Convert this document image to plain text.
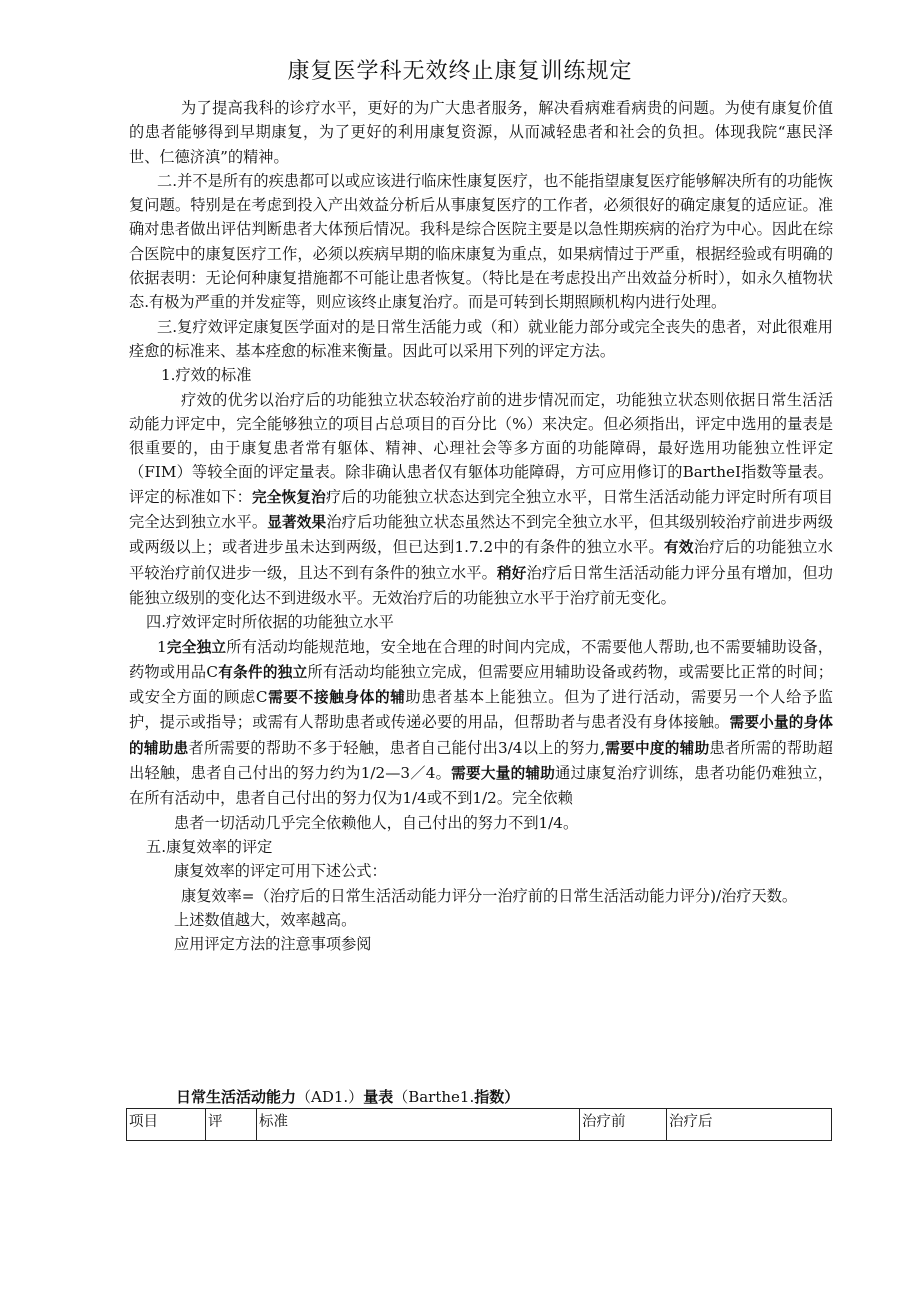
康复医学科无效终止康复训练规定

为了提高我科的诊疗水平，更好的为广大患者服务，解决看病难看病贵的问题。为使有康复价值的患者能够得到早期康复，为了更好的利用康复资源，从而减轻患者和社会的负担。体现我院“惠民泽世、仁德济滇”的精神。

二.并不是所有的疾患都可以或应该进行临床性康复医疗，也不能指望康复医疗能够解决所有的功能恢复问题。特别是在考虑到投入产出效益分析后从事康复医疗的工作者，必须很好的确定康复的适应证。准确对患者做出评估判断患者大体预后情况。我科是综合医院主要是以急性期疾病的治疗为中心。因此在综合医院中的康复医疗工作，必须以疾病早期的临床康复为重点，如果病情过于严重，根据经验或有明确的依据表明：无论何种康复措施都不可能让患者恢复。（特比是在考虑投出产出效益分析时），如永久植物状态.有极为严重的并发症等，则应该终止康复治疗。而是可转到长期照顾机构内进行处理。

三.复疗效评定康复医学面对的是日常生活能力或（和）就业能力部分或完全丧失的患者，对此很难用痊愈的标准来、基本痊愈的标准来衡量。因此可以采用下列的评定方法。

1.疗效的标准

疗效的优劣以治疗后的功能独立状态较治疗前的进步情况而定，功能独立状态则依据日常生活活动能力评定中，完全能够独立的项目占总项目的百分比（%）来决定。但必须指出，评定中选用的量表是很重要的，由于康复患者常有躯体、精神、心理社会等多方面的功能障碍，最好选用功能独立性评定（FIM）等较全面的评定量表。除非确认患者仅有躯体功能障碍，方可应用修订的BartheI指数等量表。评定的标准如下：完全恢复治疗后的功能独立状态达到完全独立水平，日常生活活动能力评定时所有项目完全达到独立水平。显著效果治疗后功能独立状态虽然达不到完全独立水平，但其级别较治疗前进步两级或两级以上；或者进步虽未达到两级，但已达到1.7.2中的有条件的独立水平。有效治疗后的功能独立水平较治疗前仅进步一级，且达不到有条件的独立水平。稍好治疗后日常生活活动能力评分虽有增加，但功能独立级别的变化达不到进级水平。无效治疗后的功能独立水平于治疗前无变化。

四.疗效评定时所依据的功能独立水平

1完全独立所有活动均能规范地，安全地在合理的时间内完成，不需要他人帮助,也不需要辅助设备，药物或用品C有条件的独立所有活动均能独立完成，但需要应用辅助设备或药物，或需要比正常的时间；或安全方面的顾虑C需要不接触身体的辅助患者基本上能独立。但为了进行活动，需要另一个人给予监护，提示或指导；或需有人帮助患者或传递必要的用品，但帮助者与患者没有身体接触。需要小量的身体的辅助患者所需要的帮助不多于轻触，患者自己能付出3/4以上的努力,需要中度的辅助患者所需的帮助超出轻触，患者自己付出的努力约为1/2—3／4。需要大量的辅助通过康复治疗训练，患者功能仍难独立，在所有活动中，患者自己付出的努力仅为1/4或不到1/2。完全依赖

患者一切活动几乎完全依赖他人，自己付出的努力不到1/4。

五.康复效率的评定

康复效率的评定可用下述公式：

康复效率=（治疗后的日常生活活动能力评分一治疗前的日常生活活动能力评分)/治疗天数。

上述数值越大，效率越高。

应用评定方法的注意事项参阅

日常生活活动能力（AD1.）量表（Barthe1.指数）
项目	评	标准	治疗前	治疗后
